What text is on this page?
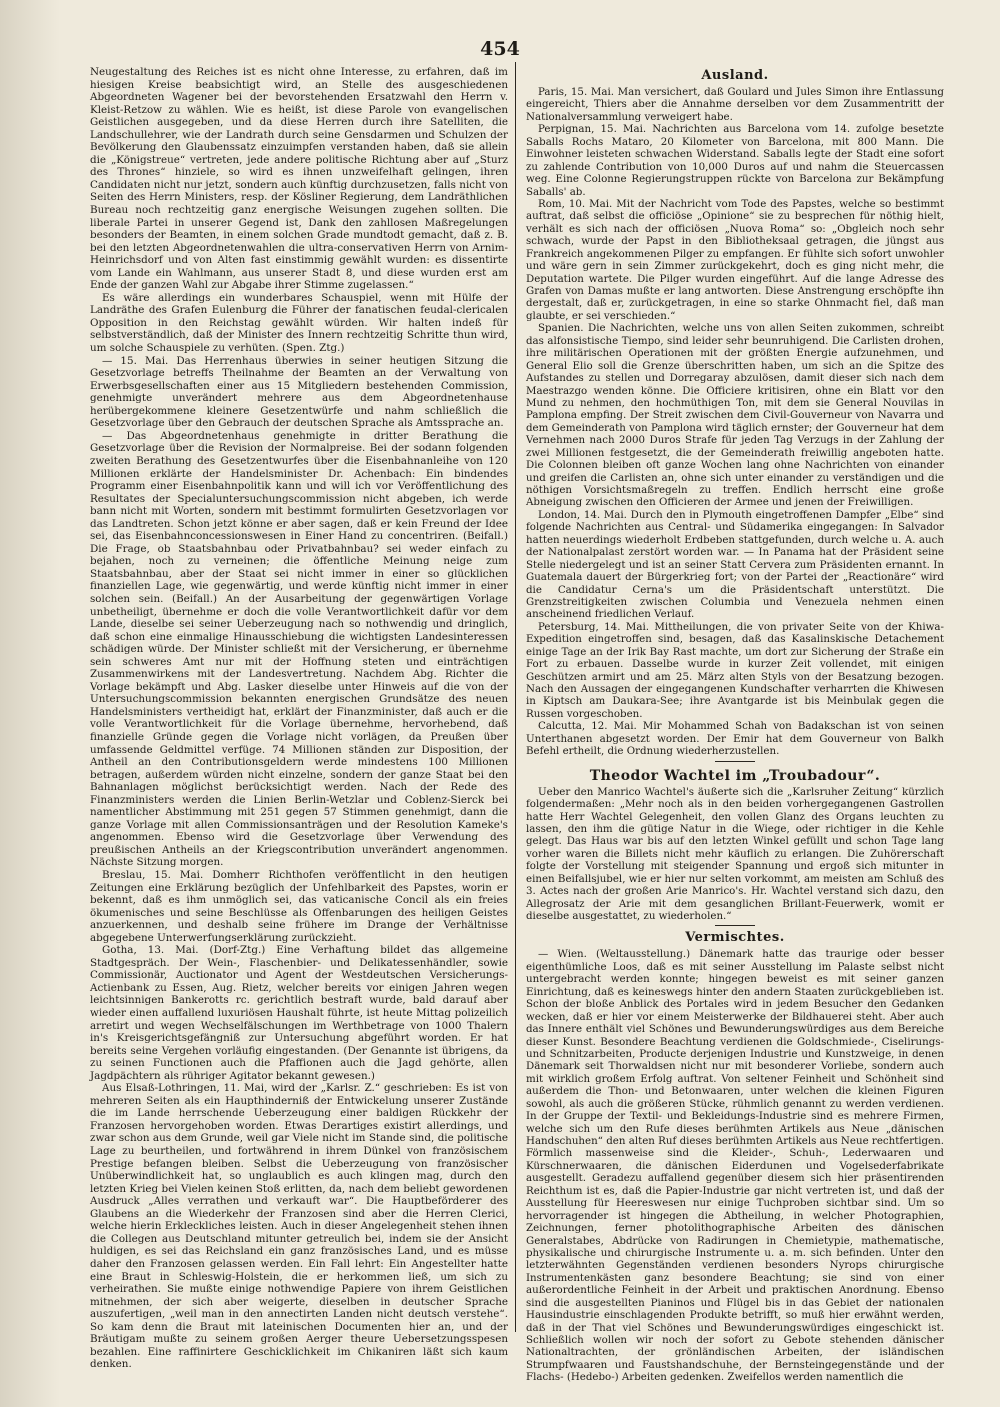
454

Neugestaltung des Reiches ist es nicht ohne Interesse, zu erfahren, daß im hiesigen Kreise beabsichtigt wird, an Stelle des ausgeschiedenen Abgeordneten Wagener bei der bevorstehenden Ersatzwahl den Herrn v. Kleist-Retzow zu wählen. Wie es heißt, ist diese Parole von evangelischen Geistlichen ausgegeben, und da diese Herren durch ihre Satelliten, die Landschullehrer, wie der Landrath durch seine Gensdarmen und Schulzen der Bevölkerung den Glaubenssatz einzuimpfen verstanden haben, daß sie allein die „Königstreue“ vertreten, jede andere politische Richtung aber auf „Sturz des Thrones“ hinziele, so wird es ihnen unzweifelhaft gelingen, ihren Candidaten nicht nur jetzt, sondern auch künftig durchzusetzen, falls nicht von Seiten des Herrn Ministers, resp. der Kösliner Regierung, dem Landräthlichen Bureau noch rechtzeitig ganz energische Weisungen zugehen sollten. Die liberale Partei in unserer Gegend ist, Dank den zahllosen Maßregelungen besonders der Beamten, in einem solchen Grade mundtodt gemacht, daß z. B. bei den letzten Abgeordnetenwahlen die ultra-conservativen Herrn von Arnim-Heinrichsdorf und von Alten fast einstimmig gewählt wurden: es dissentirte vom Lande ein Wahlmann, aus unserer Stadt 8, und diese wurden erst am Ende der ganzen Wahl zur Abgabe ihrer Stimme zugelassen.“

Es wäre allerdings ein wunderbares Schauspiel, wenn mit Hülfe der Landräthe des Grafen Eulenburg die Führer der fanatischen feudal-clericalen Opposition in den Reichstag gewählt würden. Wir halten indeß für selbstverständlich, daß der Minister des Innern rechtzeitig Schritte thun wird, um solche Schauspiele zu verhüten. (Spen. Ztg.)

— 15. Mai. Das Herrenhaus überwies in seiner heutigen Sitzung die Gesetzvorlage betreffs Theilnahme der Beamten an der Verwaltung von Erwerbsgesellschaften einer aus 15 Mitgliedern bestehenden Commission, genehmigte unverändert mehrere aus dem Abgeordnetenhause herübergekommene kleinere Gesetzentwürfe und nahm schließlich die Gesetzvorlage über den Gebrauch der deutschen Sprache als Amtssprache an.

— Das Abgeordnetenhaus genehmigte in dritter Berathung die Gesetzvorlage über die Revision der Normalpreise. Bei der sodann folgenden zweiten Berathung des Gesetzentwurfes über die Eisenbahnanleihe von 120 Millionen erklärte der Handelsminister Dr. Achenbach: Ein bindendes Programm einer Eisenbahnpolitik kann und will ich vor Veröffentlichung des Resultates der Specialuntersuchungscommission nicht abgeben, ich werde bann nicht mit Worten, sondern mit bestimmt formulirten Gesetzvorlagen vor das Landtreten. Schon jetzt könne er aber sagen, daß er kein Freund der Idee sei, das Eisenbahnconcessionswesen in Einer Hand zu concentriren. (Beifall.) Die Frage, ob Staatsbahnbau oder Privatbahnbau? sei weder einfach zu bejahen, noch zu verneinen; die öffentliche Meinung neige zum Staatsbahnbau, aber der Staat sei nicht immer in einer so glücklichen finanziellen Lage, wie gegenwärtig, und werde künftig nicht immer in einer solchen sein. (Beifall.) An der Ausarbeitung der gegenwärtigen Vorlage unbetheiligt, übernehme er doch die volle Verantwortlichkeit dafür vor dem Lande, dieselbe sei seiner Ueberzeugung nach so nothwendig und dringlich, daß schon eine einmalige Hinausschiebung die wichtigsten Landesinteressen schädigen würde. Der Minister schließt mit der Versicherung, er übernehme sein schweres Amt nur mit der Hoffnung steten und einträchtigen Zusammenwirkens mit der Landesvertretung. Nachdem Abg. Richter die Vorlage bekämpft und Abg. Lasker dieselbe unter Hinweis auf die von der Untersuchungscommission bekannten energischen Grundsätze des neuen Handelsministers vertheidigt hat, erklärt der Finanzminister, daß auch er die volle Verantwortlichkeit für die Vorlage übernehme, hervorhebend, daß finanzielle Gründe gegen die Vorlage nicht vorlägen, da Preußen über umfassende Geldmittel verfüge. 74 Millionen ständen zur Disposition, der Antheil an den Contributionsgeldern werde mindestens 100 Millionen betragen, außerdem würden nicht einzelne, sondern der ganze Staat bei den Bahnanlagen möglichst berücksichtigt werden. Nach der Rede des Finanzministers werden die Linien Berlin-Wetzlar und Coblenz-Sierck bei namentlicher Abstimmung mit 251 gegen 57 Stimmen genehmigt, dann die ganze Vorlage mit allen Commissionsanträgen und der Resolution Kameke's angenommen. Ebenso wird die Gesetzvorlage über Verwendung des preußischen Antheils an der Kriegscontribution unverändert angenommen. Nächste Sitzung morgen.

Breslau, 15. Mai. Domherr Richthofen veröffentlicht in den heutigen Zeitungen eine Erklärung bezüglich der Unfehlbarkeit des Papstes, worin er bekennt, daß es ihm unmöglich sei, das vaticanische Concil als ein freies ökumenisches und seine Beschlüsse als Offenbarungen des heiligen Geistes anzuerkennen, und deshalb seine frühere im Drange der Verhältnisse abgegebene Unterwerfungserklärung zurückzieht.

Gotha, 13. Mai. (Dorf-Ztg.) Eine Verhaftung bildet das allgemeine Stadtgespräch. Der Wein-, Flaschenbier- und Delikatessenhändler, sowie Commissionär, Auctionator und Agent der Westdeutschen Versicherungs-Actienbank zu Essen, Aug. Rietz, welcher bereits vor einigen Jahren wegen leichtsinnigen Bankerotts rc. gerichtlich bestraft wurde, bald darauf aber wieder einen auffallend luxuriösen Haushalt führte, ist heute Mittag polizeilich arretirt und wegen Wechselfälschungen im Werthbetrage von 1000 Thalern in's Kreisgerichtsgefängniß zur Untersuchung abgeführt worden. Er hat bereits seine Vergehen vorläufig eingestanden. (Der Genannte ist übrigens, da zu seinen Functionen auch die Pfaffionen auch die Jagd gehörte, allen Jagdpächtern als rühriger Agitator bekannt gewesen.)

Aus Elsaß-Lothringen, 11. Mai, wird der „Karlsr. Z.“ geschrieben: Es ist von mehreren Seiten als ein Haupthinderniß der Entwickelung unserer Zustände die im Lande herrschende Ueberzeugung einer baldigen Rückkehr der Franzosen hervorgehoben worden. Etwas Derartiges existirt allerdings, und zwar schon aus dem Grunde, weil gar Viele nicht im Stande sind, die politische Lage zu beurtheilen, und fortwährend in ihrem Dünkel von französischem Prestige befangen bleiben. Selbst die Ueberzeugung von französischer Unüberwindlichkeit hat, so unglaublich es auch klingen mag, durch den letzten Krieg bei Vielen keinen Stoß erlitten, da, nach dem beliebt gewordenen Ausdruck „Alles verrathen und verkauft war“. Die Hauptbeförderer des Glaubens an die Wiederkehr der Franzosen sind aber die Herren Clerici, welche hierin Erkleckliches leisten. Auch in dieser Angelegenheit stehen ihnen die Collegen aus Deutschland mitunter getreulich bei, indem sie der Ansicht huldigen, es sei das Reichsland ein ganz französisches Land, und es müsse daher den Franzosen gelassen werden. Ein Fall lehrt: Ein Angestellter hatte eine Braut in Schleswig-Holstein, die er herkommen ließ, um sich zu verheirathen. Sie mußte einige nothwendige Papiere von ihrem Geistlichen mitnehmen, der sich aber weigerte, dieselben in deutscher Sprache auszufertigen, „weil man in den annectirten Landen nicht deutsch verstehe“. So kam denn die Braut mit lateinischen Documenten hier an, und der Bräutigam mußte zu seinem großen Aerger theure Uebersetzungsspesen bezahlen. Eine raffinirtere Geschicklichkeit im Chikaniren läßt sich kaum denken.

Ausland.

Paris, 15. Mai. Man versichert, daß Goulard und Jules Simon ihre Entlassung eingereicht, Thiers aber die Annahme derselben vor dem Zusammentritt der Nationalversammlung verweigert habe.

Perpignan, 15. Mai. Nachrichten aus Barcelona vom 14. zufolge besetzte Saballs Rochs Mataro, 20 Kilometer von Barcelona, mit 800 Mann. Die Einwohner leisteten schwachen Widerstand. Saballs legte der Stadt eine sofort zu zahlende Contribution von 10,000 Duros auf und nahm die Steuercassen weg. Eine Colonne Regierungstruppen rückte von Barcelona zur Bekämpfung Saballs' ab.

Rom, 10. Mai. Mit der Nachricht vom Tode des Papstes, welche so bestimmt auftrat, daß selbst die officiöse „Opinione“ sie zu besprechen für nöthig hielt, verhält es sich nach der officiösen „Nuova Roma“ so: „Obgleich noch sehr schwach, wurde der Papst in den Bibliotheksaal getragen, die jüngst aus Frankreich angekommenen Pilger zu empfangen. Er fühlte sich sofort unwohler und wäre gern in sein Zimmer zurückgekehrt, doch es ging nicht mehr, die Deputation wartete. Die Pilger wurden eingeführt. Auf die lange Adresse des Grafen von Damas mußte er lang antworten. Diese Anstrengung erschöpfte ihn dergestalt, daß er, zurückgetragen, in eine so starke Ohnmacht fiel, daß man glaubte, er sei verschieden.“

Spanien. Die Nachrichten, welche uns von allen Seiten zukommen, schreibt das alfonsistische Tiempo, sind leider sehr beunruhigend. Die Carlisten drohen, ihre militärischen Operationen mit der größten Energie aufzunehmen, und General Elio soll die Grenze überschritten haben, um sich an die Spitze des Aufstandes zu stellen und Dorregaray abzulösen, damit dieser sich nach dem Maestrazgo wenden könne. Die Officiere kritisiren, ohne ein Blatt vor den Mund zu nehmen, den hochmüthigen Ton, mit dem sie General Nouvilas in Pamplona empfing. Der Streit zwischen dem Civil-Gouverneur von Navarra und dem Gemeinderath von Pamplona wird täglich ernster; der Gouverneur hat dem Vernehmen nach 2000 Duros Strafe für jeden Tag Verzugs in der Zahlung der zwei Millionen festgesetzt, die der Gemeinderath freiwillig angeboten hatte. Die Colonnen bleiben oft ganze Wochen lang ohne Nachrichten von einander und greifen die Carlisten an, ohne sich unter einander zu verständigen und die nöthigen Vorsichtsmaßregeln zu treffen. Endlich herrscht eine große Abneigung zwischen den Officieren der Armee und jenen der Freiwilligen.

London, 14. Mai. Durch den in Plymouth eingetroffenen Dampfer „Elbe“ sind folgende Nachrichten aus Central- und Südamerika eingegangen: In Salvador hatten neuerdings wiederholt Erdbeben stattgefunden, durch welche u. A. auch der Nationalpalast zerstört worden war. — In Panama hat der Präsident seine Stelle niedergelegt und ist an seiner Statt Cervera zum Präsidenten ernannt. In Guatemala dauert der Bürgerkrieg fort; von der Partei der „Reactionäre“ wird die Candidatur Cerna's um die Präsidentschaft unterstützt. Die Grenzstreitigkeiten zwischen Columbia und Venezuela nehmen einen anscheinend friedlichen Verlauf.

Petersburg, 14. Mai. Mittheilungen, die von privater Seite von der Khiwa-Expedition eingetroffen sind, besagen, daß das Kasalinskische Detachement einige Tage an der Irik Bay Rast machte, um dort zur Sicherung der Straße ein Fort zu erbauen. Dasselbe wurde in kurzer Zeit vollendet, mit einigen Geschützen armirt und am 25. März alten Styls von der Besatzung bezogen. Nach den Aussagen der eingegangenen Kundschafter verharrten die Khiwesen in Kiptsch am Daukara-See; ihre Avantgarde ist bis Meinbulak gegen die Russen vorgeschoben.

Calcutta, 12. Mai. Mir Mohammed Schah von Badakschan ist von seinen Unterthanen abgesetzt worden. Der Emir hat dem Gouverneur von Balkh Befehl ertheilt, die Ordnung wiederherzustellen.

Theodor Wachtel im „Troubadour“.

Ueber den Manrico Wachtel's äußerte sich die „Karlsruher Zeitung“ kürzlich folgendermaßen: „Mehr noch als in den beiden vorhergegangenen Gastrollen hatte Herr Wachtel Gelegenheit, den vollen Glanz des Organs leuchten zu lassen, den ihm die gütige Natur in die Wiege, oder richtiger in die Kehle gelegt. Das Haus war bis auf den letzten Winkel gefüllt und schon Tage lang vorher waren die Billets nicht mehr käuflich zu erlangen. Die Zuhörerschaft folgte der Vorstellung mit steigender Spannung und ergoß sich mitunter in einen Beifallsjubel, wie er hier nur selten vorkommt, am meisten am Schluß des 3. Actes nach der großen Arie Manrico's. Hr. Wachtel verstand sich dazu, den Allegrosatz der Arie mit dem gesanglichen Brillant-Feuerwerk, womit er dieselbe ausgestattet, zu wiederholen.“

Vermischtes.

— Wien. (Weltausstellung.) Dänemark hatte das traurige oder besser eigenthümliche Loos, daß es mit seiner Ausstellung im Palaste selbst nicht untergebracht werden konnte; hingegen beweist es mit seiner ganzen Einrichtung, daß es keineswegs hinter den andern Staaten zurückgeblieben ist. Schon der bloße Anblick des Portales wird in jedem Besucher den Gedanken wecken, daß er hier vor einem Meisterwerke der Bildhauerei steht. Aber auch das Innere enthält viel Schönes und Bewunderungswürdiges aus dem Bereiche dieser Kunst. Besondere Beachtung verdienen die Goldschmiede-, Ciselirungs- und Schnitzarbeiten, Producte derjenigen Industrie und Kunstzweige, in denen Dänemark seit Thorwaldsen nicht nur mit besonderer Vorliebe, sondern auch mit wirklich großem Erfolg auftrat. Von seltener Feinheit und Schönheit sind außerdem die Thon- und Betonwaaren, unter welchen die kleinen Figuren sowohl, als auch die größeren Stücke, rühmlich genannt zu werden verdienen. In der Gruppe der Textil- und Bekleidungs-Industrie sind es mehrere Firmen, welche sich um den Rufe dieses berühmten Artikels aus Neue „dänischen Handschuhen“ den alten Ruf dieses berühmten Artikels aus Neue rechtfertigen. Förmlich massenweise sind die Kleider-, Schuh-, Lederwaaren und Kürschnerwaaren, die dänischen Eiderdunen und Vogelsederfabrikate ausgestellt. Geradezu auffallend gegenüber diesem sich hier präsentirenden Reichthum ist es, daß die Papier-Industrie gar nicht vertreten ist, und daß der Ausstellung für Heereswesen nur einige Tuchproben sichtbar sind. Um so hervorragender ist hingegen die Abtheilung, in welcher Photographien, Zeichnungen, ferner photolithographische Arbeiten des dänischen Generalstabes, Abdrücke von Radirungen in Chemietypie, mathematische, physikalische und chirurgische Instrumente u. a. m. sich befinden. Unter den letzterwähnten Gegenständen verdienen besonders Nyrops chirurgische Instrumentenkästen ganz besondere Beachtung; sie sind von einer außerordentliche Feinheit in der Arbeit und praktischen Anordnung. Ebenso sind die ausgestellten Pianinos und Flügel bis in das Gebiet der nationalen Hausindustrie einschlagenden Produkte betrifft, so muß hier erwähnt werden, daß in der That viel Schönes und Bewunderungswürdiges eingeschickt ist. Schließlich wollen wir noch der sofort zu Gebote stehenden dänischer Nationaltrachten, der grönländischen Arbeiten, der isländischen Strumpfwaaren und Faustshandschuhe, der Bernsteingegenstände und der Flachs- (Hedebo-) Arbeiten gedenken. Zweifellos werden namentlich die
